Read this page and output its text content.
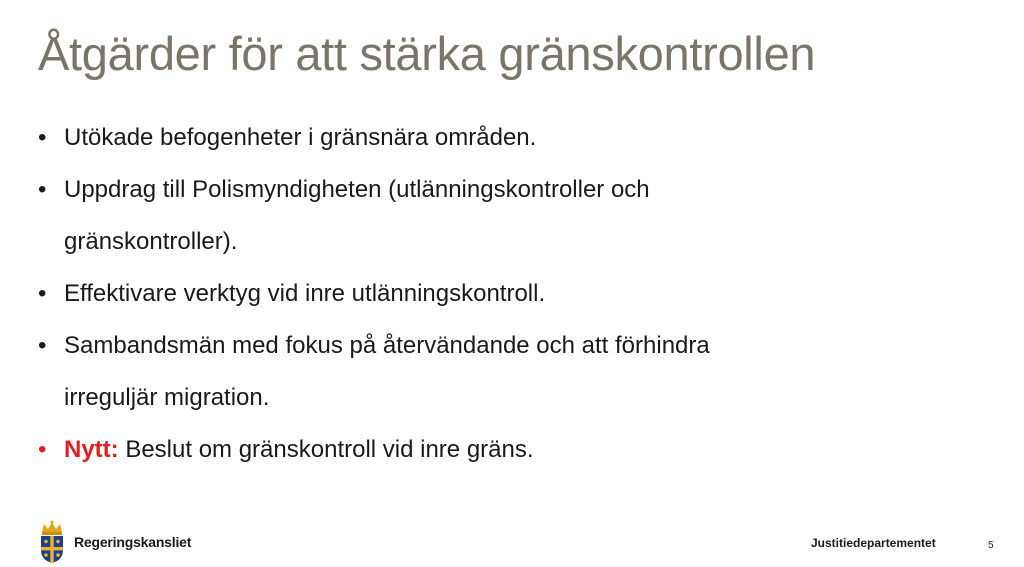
Åtgärder för att stärka gränskontrollen
• Utökade befogenheter i gränsnära områden.
• Uppdrag till Polismyndigheten (utlänningskontroller och gränskontroller).
• Effektivare verktyg vid inre utlänningskontroll.
• Sambandsmän med fokus på återvändande och att förhindra irreguljär migration.
• Nytt: Beslut om gränskontroll vid inre gräns.
Regeringskansliet	Justitiedepartementet	5
